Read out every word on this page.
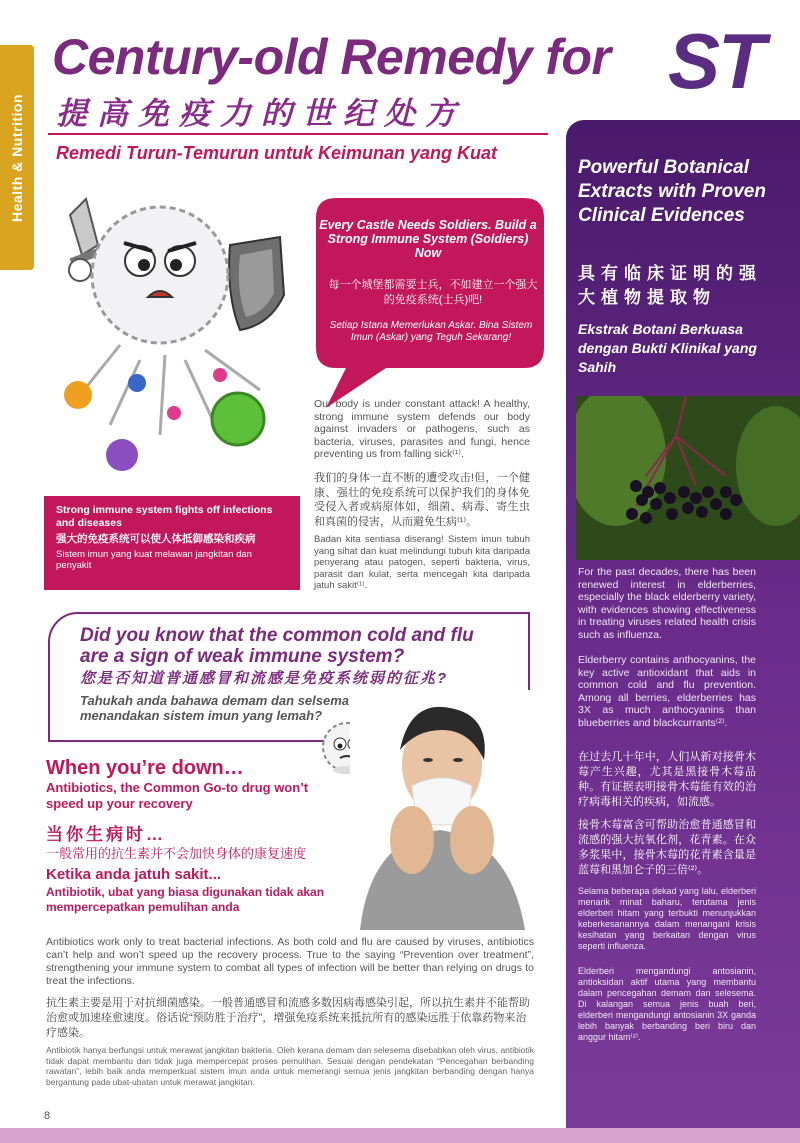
Health & Nutrition
Century-old Remedy for ST
提高免疫力的世纪处方
Remedi Turun-Temurun untuk Keimunan yang Kuat
Every Castle Needs Soldiers. Build a Strong Immune System (Soldiers) Now	!
每一个城堡都需要士兵，不如建立一个强大的免疫系统(士兵)吧!
Setiap Istana Memerlukan Askar. Bina Sistem Imun (Askar) yang Teguh Sekarang!
Our body is under constant attack! A healthy, strong immune system defends our body against invaders or pathogens, such as bacteria, viruses, parasites and fungi, hence preventing us from falling sick⁽¹⁾.
我们的身体一直不断的遭受攻击!但，一个健康、强壮的免疫系统可以保护我们的身体免受侵入者或病原体如，细菌、病毒、寄生虫和真菌的侵害，从而避免生病⁽¹⁾。
Badan kita sentiasa diserang! Sistem imun tubuh yang sihat dan kuat melindungi tubuh kita daripada penyerang atau patogen, seperti bakteria, virus, parasit dan kulat, serta mencegah kita daripada jatuh sakit⁽¹⁾.
Strong immune system fights off infections and diseases
强大的免疫系统可以使人体抵御感染和疾病
Sistem imun yang kuat melawan jangkitan dan penyakit
Did you know that the common cold and flu are a sign of weak immune system?
您是否知道普通感冒和流感是免疫系统弱的征兆?
Tahukah anda bahawa demam dan selsema menandakan sistem imun yang lemah?
When you’re down…
Antibiotics, the Common Go-to drug won’t speed up your recovery
当你生病时…
一般常用的抗生素并不会加快身体的康复速度
Ketika anda jatuh sakit...
Antibiotik, ubat yang biasa digunakan tidak akan mempercepatkan pemulihan anda
Antibiotics work only to treat bacterial infections. As both cold and flu are caused by viruses, antibiotics can’t help and won’t speed up the recovery process. True to the saying “Prevention over treatment”, strengthening your immune system to combat all types of infection will be better than relying on drugs to treat the infections.
抗生素主要是用于对抗细菌感染。一般普通感冒和流感多数因病毒感染引起，所以抗生素并不能帮助治愈或加速痊愈速度。俗话说“预防胜于治疗”，增强免疫系统来抵抗所有的感染远胜于依靠药物来治疗感染。
Antibiotik hanya berfungsi untuk merawat jangkitan bakteria. Oleh kerana demam dan selesema disebabkan oleh virus, antibiotik tidak dapat membantu dan tidak juga mempercepat proses pemulihan. Sesuai dengan pendekatan “Pencegahan berbanding rawatan”, lebih baik anda memperkuat sistem imun anda untuk memerangi semua jenis jangkitan berbanding dengan hanya bergantung pada ubat-ubatan untuk merawat jangkitan.
8
Powerful Botanical Extracts with Proven Clinical Evidences
具有临床证明的强大植物提取物
Ekstrak Botani Berkuasa dengan Bukti Klinikal yang Sahih
For the past decades, there has been renewed interest in elderberries, especially the black elderberry variety, with evidences showing effectiveness in treating viruses related health crisis such as influenza.
Elderberry contains anthocyanins, the key active antioxidant that aids in common cold and flu prevention. Among all berries, elderberries has 3X as much anthocyanins than blueberries and blackcurrants⁽²⁾.
在过去几十年中，人们从新对接骨木莓产生兴趣，尤其是黑接骨木莓品种。有证据表明接骨木莓能有效的治疗病毒相关的疾病，如流感。
接骨木莓富含可帮助治愈普通感冒和流感的强大抗氧化剂，花青素。在众多浆果中，接骨木莓的花青素含量是蓝莓和黑加仑子的三倍⁽²⁾。
Selama beberapa dekad yang lalu, elderberi menarik minat baharu, terutama jenis elderberi hitam yang terbukti menunjukkan keberkesanannya dalam menangani krisis kesihatan yang berkaitan dengan virus seperti influenza.
Elderberi mengandungi antosianin, antioksidan aktif utama yang membantu dalam pencegahan demam dan selesema. Di kalangan semua jenis buah beri, elderberi mengandungi antosianin 3X ganda lebih banyak berbanding beri biru dan anggur hitam⁽²⁾.
